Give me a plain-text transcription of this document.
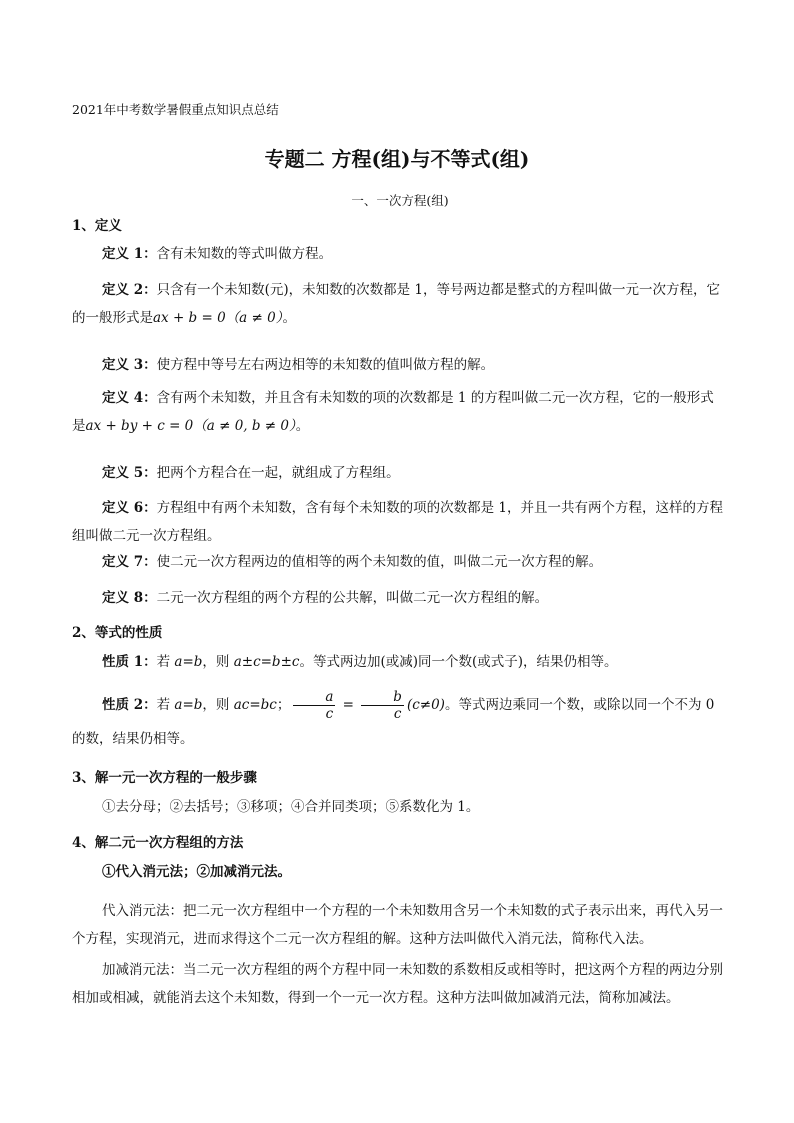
2021年中考数学暑假重点知识点总结
专题二 方程(组)与不等式(组)
一、一次方程(组)
1、定义
定义 1：含有未知数的等式叫做方程。
定义 2：只含有一个未知数(元)，未知数的次数都是 1，等号两边都是整式的方程叫做一元一次方程，它的一般形式是ax + b = 0（a ≠ 0）。
定义 3：使方程中等号左右两边相等的未知数的值叫做方程的解。
定义 4：含有两个未知数，并且含有未知数的项的次数都是 1 的方程叫做二元一次方程，它的一般形式是ax + by + c = 0（a ≠ 0, b ≠ 0）。
定义 5：把两个方程合在一起，就组成了方程组。
定义 6：方程组中有两个未知数，含有每个未知数的项的次数都是 1，并且一共有两个方程，这样的方程组叫做二元一次方程组。
定义 7：使二元一次方程两边的值相等的两个未知数的值，叫做二元一次方程的解。
定义 8：二元一次方程组的两个方程的公共解，叫做二元一次方程组的解。
2、等式的性质
性质 1：若 a=b，则 a±c=b±c。等式两边加(或减)同一个数(或式子)，结果仍相等。
性质 2：若 a=b，则 ac=bc； $\frac{a}{c} = \frac{b}{c} (c\ne 0)$。等式两边乘同一个数，或除以同一个不为 0 的数，结果仍相等。
3、解一元一次方程的一般步骤
①去分母；②去括号；③移项；④合并同类项；⑤系数化为 1。
4、解二元一次方程组的方法
①代入消元法；②加减消元法。
代入消元法：把二元一次方程组中一个方程的一个未知数用含另一个未知数的式子表示出来，再代入另一个方程，实现消元，进而求得这个二元一次方程组的解。这种方法叫做代入消元法，简称代入法。
加减消元法：当二元一次方程组的两个方程中同一未知数的系数相反或相等时，把这两个方程的两边分别相加或相减，就能消去这个未知数，得到一个一元一次方程。这种方法叫做加减消元法，简称加减法。
